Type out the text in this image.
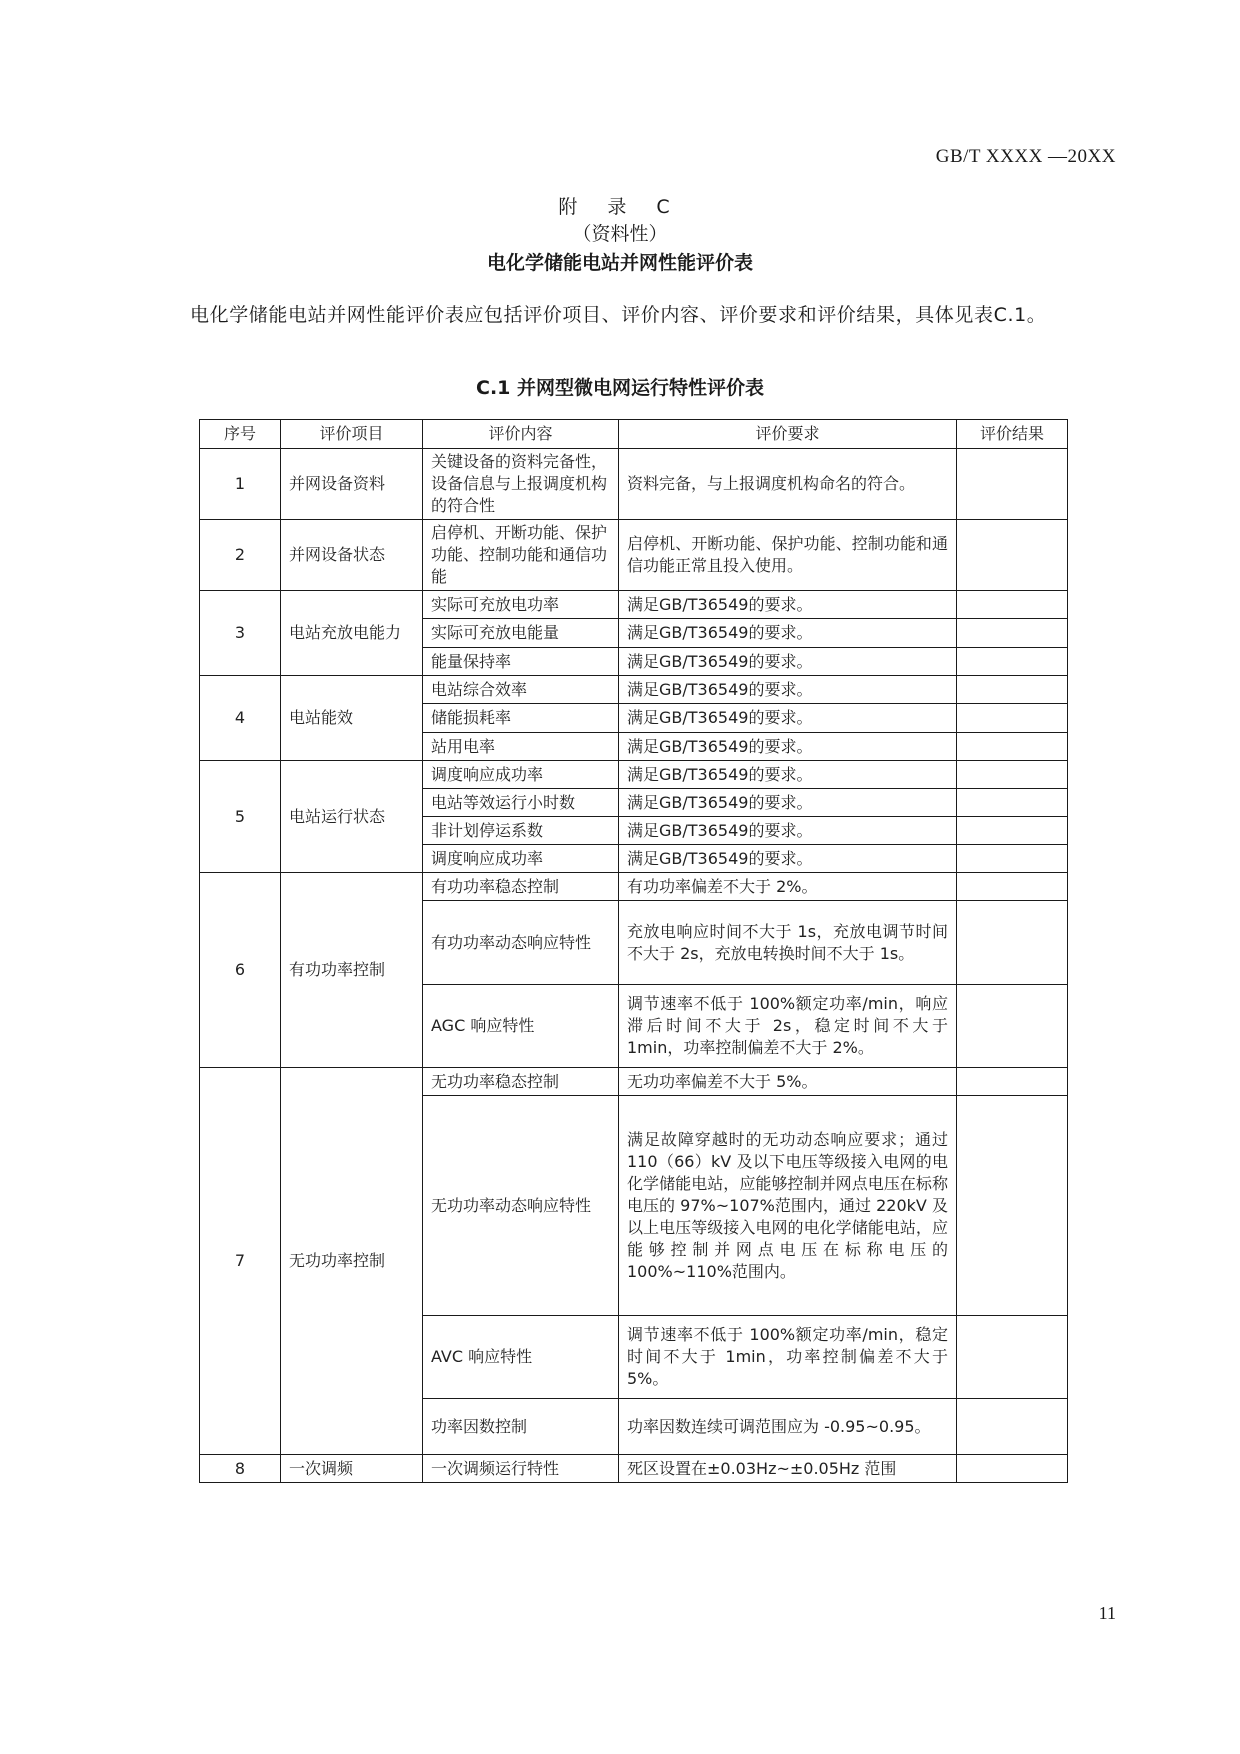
GB/T XXXX —20XX
附 录 C
（资料性）
电化学储能电站并网性能评价表

电化学储能电站并网性能评价表应包括评价项目、评价内容、评价要求和评价结果，具体见表C.1。

C.1 并网型微电网运行特性评价表
序号	评价项目	评价内容	评价要求	评价结果
1	并网设备资料	关键设备的资料完备性，设备信息与上报调度机构的符合性	资料完备，与上报调度机构命名的符合。	
2	并网设备状态	启停机、开断功能、保护功能、控制功能和通信功能	启停机、开断功能、保护功能、控制功能和通信功能正常且投入使用。	
3	电站充放电能力	实际可充放电功率	满足GB/T36549的要求。	
		实际可充放电能量	满足GB/T36549的要求。	
		能量保持率	满足GB/T36549的要求。	
4	电站能效	电站综合效率	满足GB/T36549的要求。	
		储能损耗率	满足GB/T36549的要求。	
		站用电率	满足GB/T36549的要求。	
5	电站运行状态	调度响应成功率	满足GB/T36549的要求。	
		电站等效运行小时数	满足GB/T36549的要求。	
		非计划停运系数	满足GB/T36549的要求。	
		调度响应成功率	满足GB/T36549的要求。	
6	有功功率控制	有功功率稳态控制	有功功率偏差不大于 2%。	
		有功功率动态响应特性	充放电响应时间不大于 1s，充放电调节时间不大于 2s，充放电转换时间不大于 1s。	
		AGC 响应特性	调节速率不低于 100%额定功率/min，响应滞后时间不大于 2s，稳定时间不大于 1min，功率控制偏差不大于 2%。	
7	无功功率控制	无功功率稳态控制	无功功率偏差不大于 5%。	
		无功功率动态响应特性	满足故障穿越时的无功动态响应要求；通过 110（66）kV 及以下电压等级接入电网的电化学储能电站，应能够控制并网点电压在标称电压的 97%~107%范围内，通过 220kV 及以上电压等级接入电网的电化学储能电站，应能够控制并网点电压在标称电压的 100%~110%范围内。	
		AVC 响应特性	调节速率不低于 100%额定功率/min，稳定时间不大于 1min，功率控制偏差不大于 5%。	
		功率因数控制	功率因数连续可调范围应为 -0.95~0.95。	
8	一次调频	一次调频运行特性	死区设置在±0.03Hz~±0.05Hz 范围	
11
